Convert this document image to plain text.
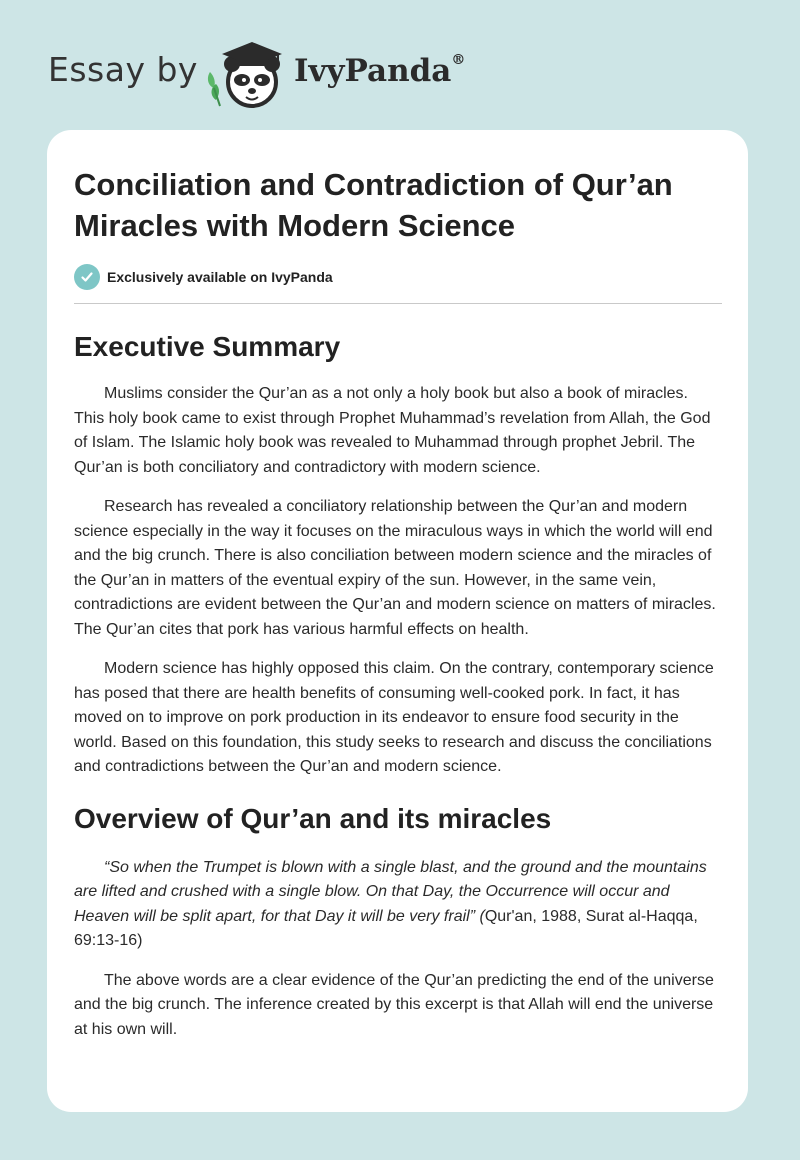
Essay by	IvyPanda®
Conciliation and Contradiction of Qur’an Miracles with Modern Science
Exclusively available on IvyPanda
Executive Summary

Muslims consider the Qur’an as a not only a holy book but also a book of miracles. This holy book came to exist through Prophet Muhammad’s revelation from Allah, the God of Islam. The Islamic holy book was revealed to Muhammad through prophet Jebril. The Qur’an is both conciliatory and contradictory with modern science.

Research has revealed a conciliatory relationship between the Qur’an and modern science especially in the way it focuses on the miraculous ways in which the world will end and the big crunch. There is also conciliation between modern science and the miracles of the Qur’an in matters of the eventual expiry of the sun. However, in the same vein, contradictions are evident between the Qur’an and modern science on matters of miracles. The Qur’an cites that pork has various harmful effects on health.

Modern science has highly opposed this claim. On the contrary, contemporary science has posed that there are health benefits of consuming well-cooked pork. In fact, it has moved on to improve on pork production in its endeavor to ensure food security in the world. Based on this foundation, this study seeks to research and discuss the conciliations and contradictions between the Qur’an and modern science.

Overview of Qur’an and its miracles

“So when the Trumpet is blown with a single blast, and the ground and the mountains are lifted and crushed with a single blow. On that Day, the Occurrence will occur and Heaven will be split apart, for that Day it will be very frail” (Qur'an, 1988, Surat al-Haqqa, 69:13-16)

The above words are a clear evidence of the Qur’an predicting the end of the universe and the big crunch. The inference created by this excerpt is that Allah will end the universe at his own will.
